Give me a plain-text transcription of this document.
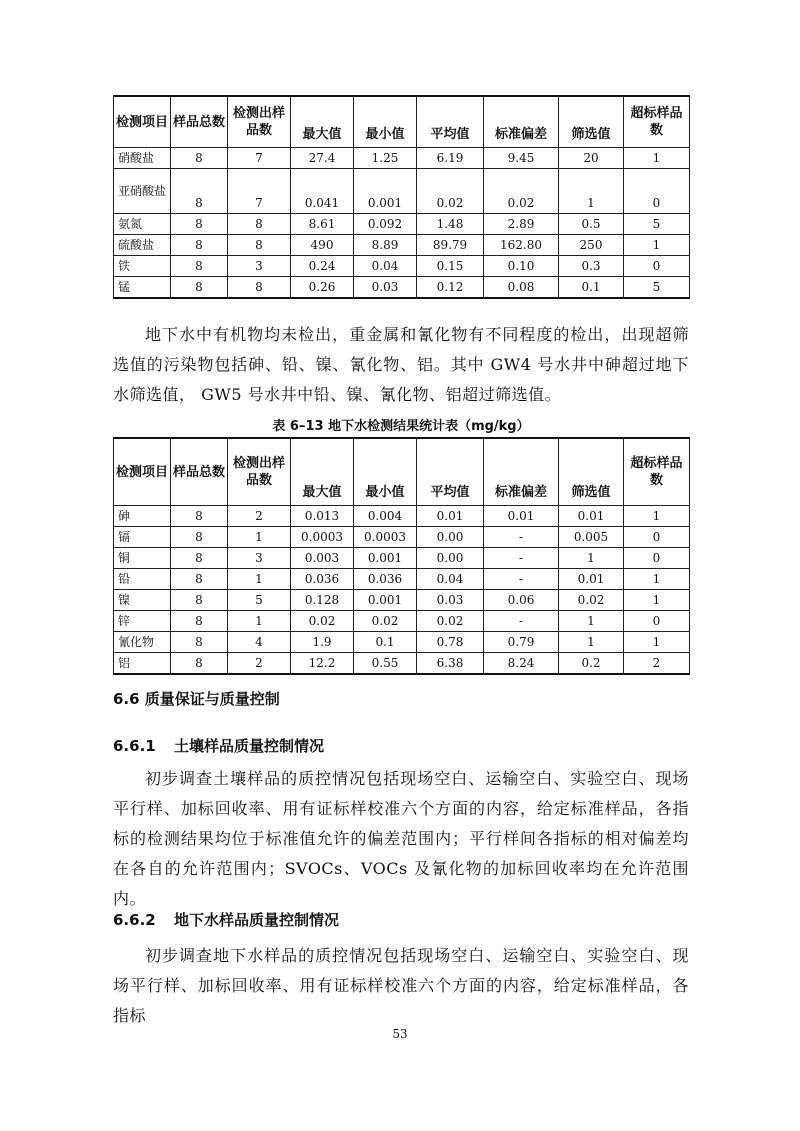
检测项目	样品总数	检测出样品数	最大值	最小值	平均值	标准偏差	筛选值	超标样品数
硝酸盐	8	7	27.4	1.25	6.19	9.45	20	1
亚硝酸盐	8	7	0.041	0.001	0.02	0.02	1	0
氨氮	8	8	8.61	0.092	1.48	2.89	0.5	5
硫酸盐	8	8	490	8.89	89.79	162.80	250	1
铁	8	3	0.24	0.04	0.15	0.10	0.3	0
锰	8	8	0.26	0.03	0.12	0.08	0.1	5

地下水中有机物均未检出，重金属和氰化物有不同程度的检出，出现超筛选值的污染物包括砷、铅、镍、氰化物、铝。其中 GW4 号水井中砷超过地下水筛选值， GW5 号水井中铅、镍、氰化物、铝超过筛选值。

表 6–13 地下水检测结果统计表（mg/kg）
检测项目	样品总数	检测出样品数	最大值	最小值	平均值	标准偏差	筛选值	超标样品数
砷	8	2	0.013	0.004	0.01	0.01	0.01	1
镉	8	1	0.0003	0.0003	0.00	-	0.005	0
铜	8	3	0.003	0.001	0.00	-	1	0
铅	8	1	0.036	0.036	0.04	-	0.01	1
镍	8	5	0.128	0.001	0.03	0.06	0.02	1
锌	8	1	0.02	0.02	0.02	-	1	0
氰化物	8	4	1.9	0.1	0.78	0.79	1	1
铝	8	2	12.2	0.55	6.38	8.24	0.2	2
6.6 质量保证与质量控制
6.6.1 土壤样品质量控制情况

初步调查土壤样品的质控情况包括现场空白、运输空白、实验空白、现场平行样、加标回收率、用有证标样校准六个方面的内容，给定标准样品，各指标的检测结果均位于标准值允许的偏差范围内；平行样间各指标的相对偏差均在各自的允许范围内；SVOCs、VOCs 及氰化物的加标回收率均在允许范围内。

6.6.2 地下水样品质量控制情况

初步调查地下水样品的质控情况包括现场空白、运输空白、实验空白、现场平行样、加标回收率、用有证标样校准六个方面的内容，给定标准样品，各指标

53
